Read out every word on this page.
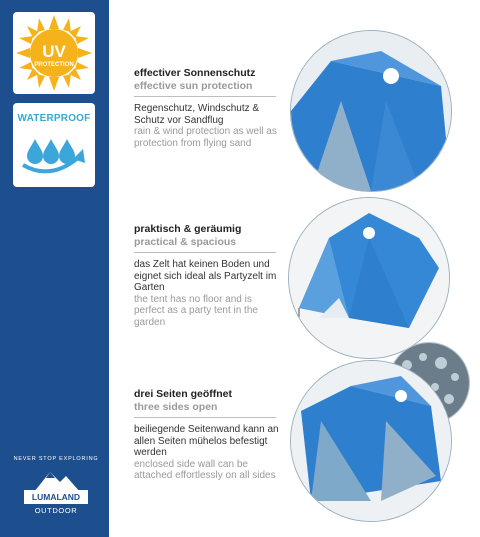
UV
PROTECTION
WATERPROOF
NEVER STOP EXPLORING
LUMALAND
OUTDOOR
effectiver Sonnenschutz
effective sun protection
Regenschutz, Windschutz & Schutz vor Sandflug
rain & wind protection as well as protection from flying sand
praktisch & geräumig
practical & spacious
das Zelt hat keinen Boden und eignet sich ideal als Partyzelt im Garten
the tent has no floor and is perfect as a party tent in the garden
drei Seiten geöffnet
three sides open
beiliegende Seitenwand kann an allen Seiten mühelos befestigt werden
enclosed side wall can be attached effortlessly on all sides
